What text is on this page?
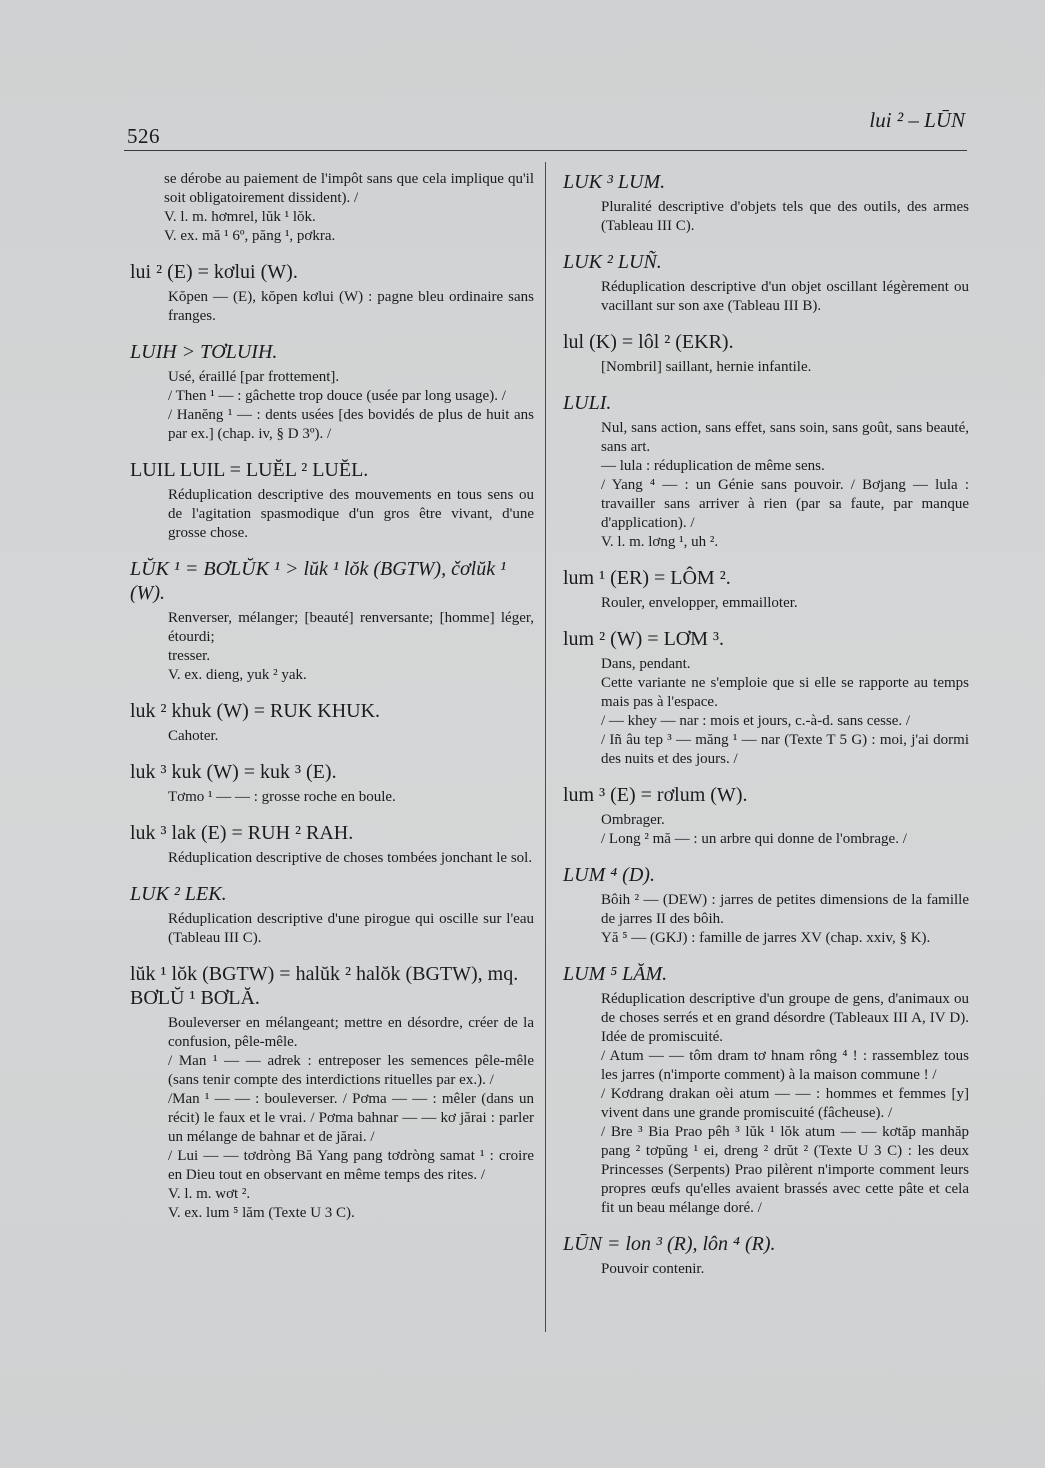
526
lui ² – LŪN
se dérobe au paiement de l'impôt sans que cela implique qu'il soit obligatoirement dissident). /
V. l. m. hơmrel, lŭk ¹ lŏk.
V. ex. mă ¹ 6º, păng ¹, pơkra.
lui ² (E) = kơlui (W).
Kŏpen — (E), kŏpen kơlui (W) : pagne bleu ordinaire sans franges.
LUIH > TƠLUIH.
Usé, éraillé [par frottement].
/ Then ¹ — : gâchette trop douce (usée par long usage). /
/ Hanĕng ¹ — : dents usées [des bovidés de plus de huit ans par ex.] (chap. iv, § D 3º). /
LUIL LUIL = LUĔL ² LUĔL.
Réduplication descriptive des mouvements en tous sens ou de l'agitation spasmodique d'un gros être vivant, d'une grosse chose.
LŬK ¹ = BƠLŬK ¹ > lŭk ¹ lŏk (BGTW), čơlŭk ¹ (W).
Renverser, mélanger; [beauté] renversante; [homme] léger, étourdi;
tresser.
V. ex. dieng, yuk ² yak.
luk ² khuk (W) = RUK KHUK.
Cahoter.
luk ³ kuk (W) = kuk ³ (E).
Tơmo ¹ — — : grosse roche en boule.
luk ³ lak (E) = RUH ² RAH.
Réduplication descriptive de choses tombées jonchant le sol.
LUK ² LEK.
Réduplication descriptive d'une pirogue qui oscille sur l'eau (Tableau III C).
lŭk ¹ lŏk (BGTW) = halŭk ² halŏk (BGTW), mq. BƠLŬ ¹ BƠLĂ.
Bouleverser en mélangeant; mettre en désordre, créer de la confusion, pêle-mêle.
/ Man ¹ — — adrek : entreposer les semences pêle-mêle (sans tenir compte des interdictions rituelles par ex.). /
/Man ¹ — — : bouleverser. / Pơma — — : mêler (dans un récit) le faux et le vrai. / Pơma bahnar — — kơ jărai : parler un mélange de bahnar et de jărai. /
/ Lui — — tơdròng Bă Yang pang tơdròng samat ¹ : croire en Dieu tout en observant en même temps des rites. /
V. l. m. wơt ².
V. ex. lum ⁵ lăm (Texte U 3 C).
LUK ³ LUM.
Pluralité descriptive d'objets tels que des outils, des armes (Tableau III C).
LUK ² LUÑ.
Réduplication descriptive d'un objet oscillant légèrement ou vacillant sur son axe (Tableau III B).
lul (K) = lôl ² (EKR).
[Nombril] saillant, hernie infantile.
LULI.
Nul, sans action, sans effet, sans soin, sans goût, sans beauté, sans art.
— lula : réduplication de même sens.
/ Yang ⁴ — : un Génie sans pouvoir. / Bơjang — lula : travailler sans arriver à rien (par sa faute, par manque d'application). /
V. l. m. lơng ¹, uh ².
lum ¹ (ER) = LÔM ².
Rouler, envelopper, emmailloter.
lum ² (W) = LƠM ³.
Dans, pendant.
Cette variante ne s'emploie que si elle se rapporte au temps mais pas à l'espace.
/ — khey — nar : mois et jours, c.-à-d. sans cesse. /
/ Iñ âu tep ³ — măng ¹ — nar (Texte T 5 G) : moi, j'ai dormi des nuits et des jours. /
lum ³ (E) = rơlum (W).
Ombrager.
/ Long ² mă — : un arbre qui donne de l'ombrage. /
LUM ⁴ (D).
Bôih ² — (DEW) : jarres de petites dimensions de la famille de jarres II des bôih.
Yă ⁵ — (GKJ) : famille de jarres XV (chap. xxiv, § K).
LUM ⁵ LĂM.
Réduplication descriptive d'un groupe de gens, d'animaux ou de choses serrés et en grand désordre (Tableaux III A, IV D). Idée de promiscuité.
/ Atum — — tôm dram tơ hnam rông ⁴ ! : rassemblez tous les jarres (n'importe comment) à la maison commune ! /
/ Kơdrang drakan oèi atum — — : hommes et femmes [y] vivent dans une grande promiscuité (fâcheuse). /
/ Bre ³ Bia Prao pêh ³ lŭk ¹ lŏk atum — — kơtăp manhăp pang ² tơpŭng ¹ ei, dreng ² drŭt ² (Texte U 3 C) : les deux Princesses (Serpents) Prao pilèrent n'importe comment leurs propres œufs qu'elles avaient brassés avec cette pâte et cela fit un beau mélange doré. /
LŪN = lon ³ (R), lôn ⁴ (R).
Pouvoir contenir.
